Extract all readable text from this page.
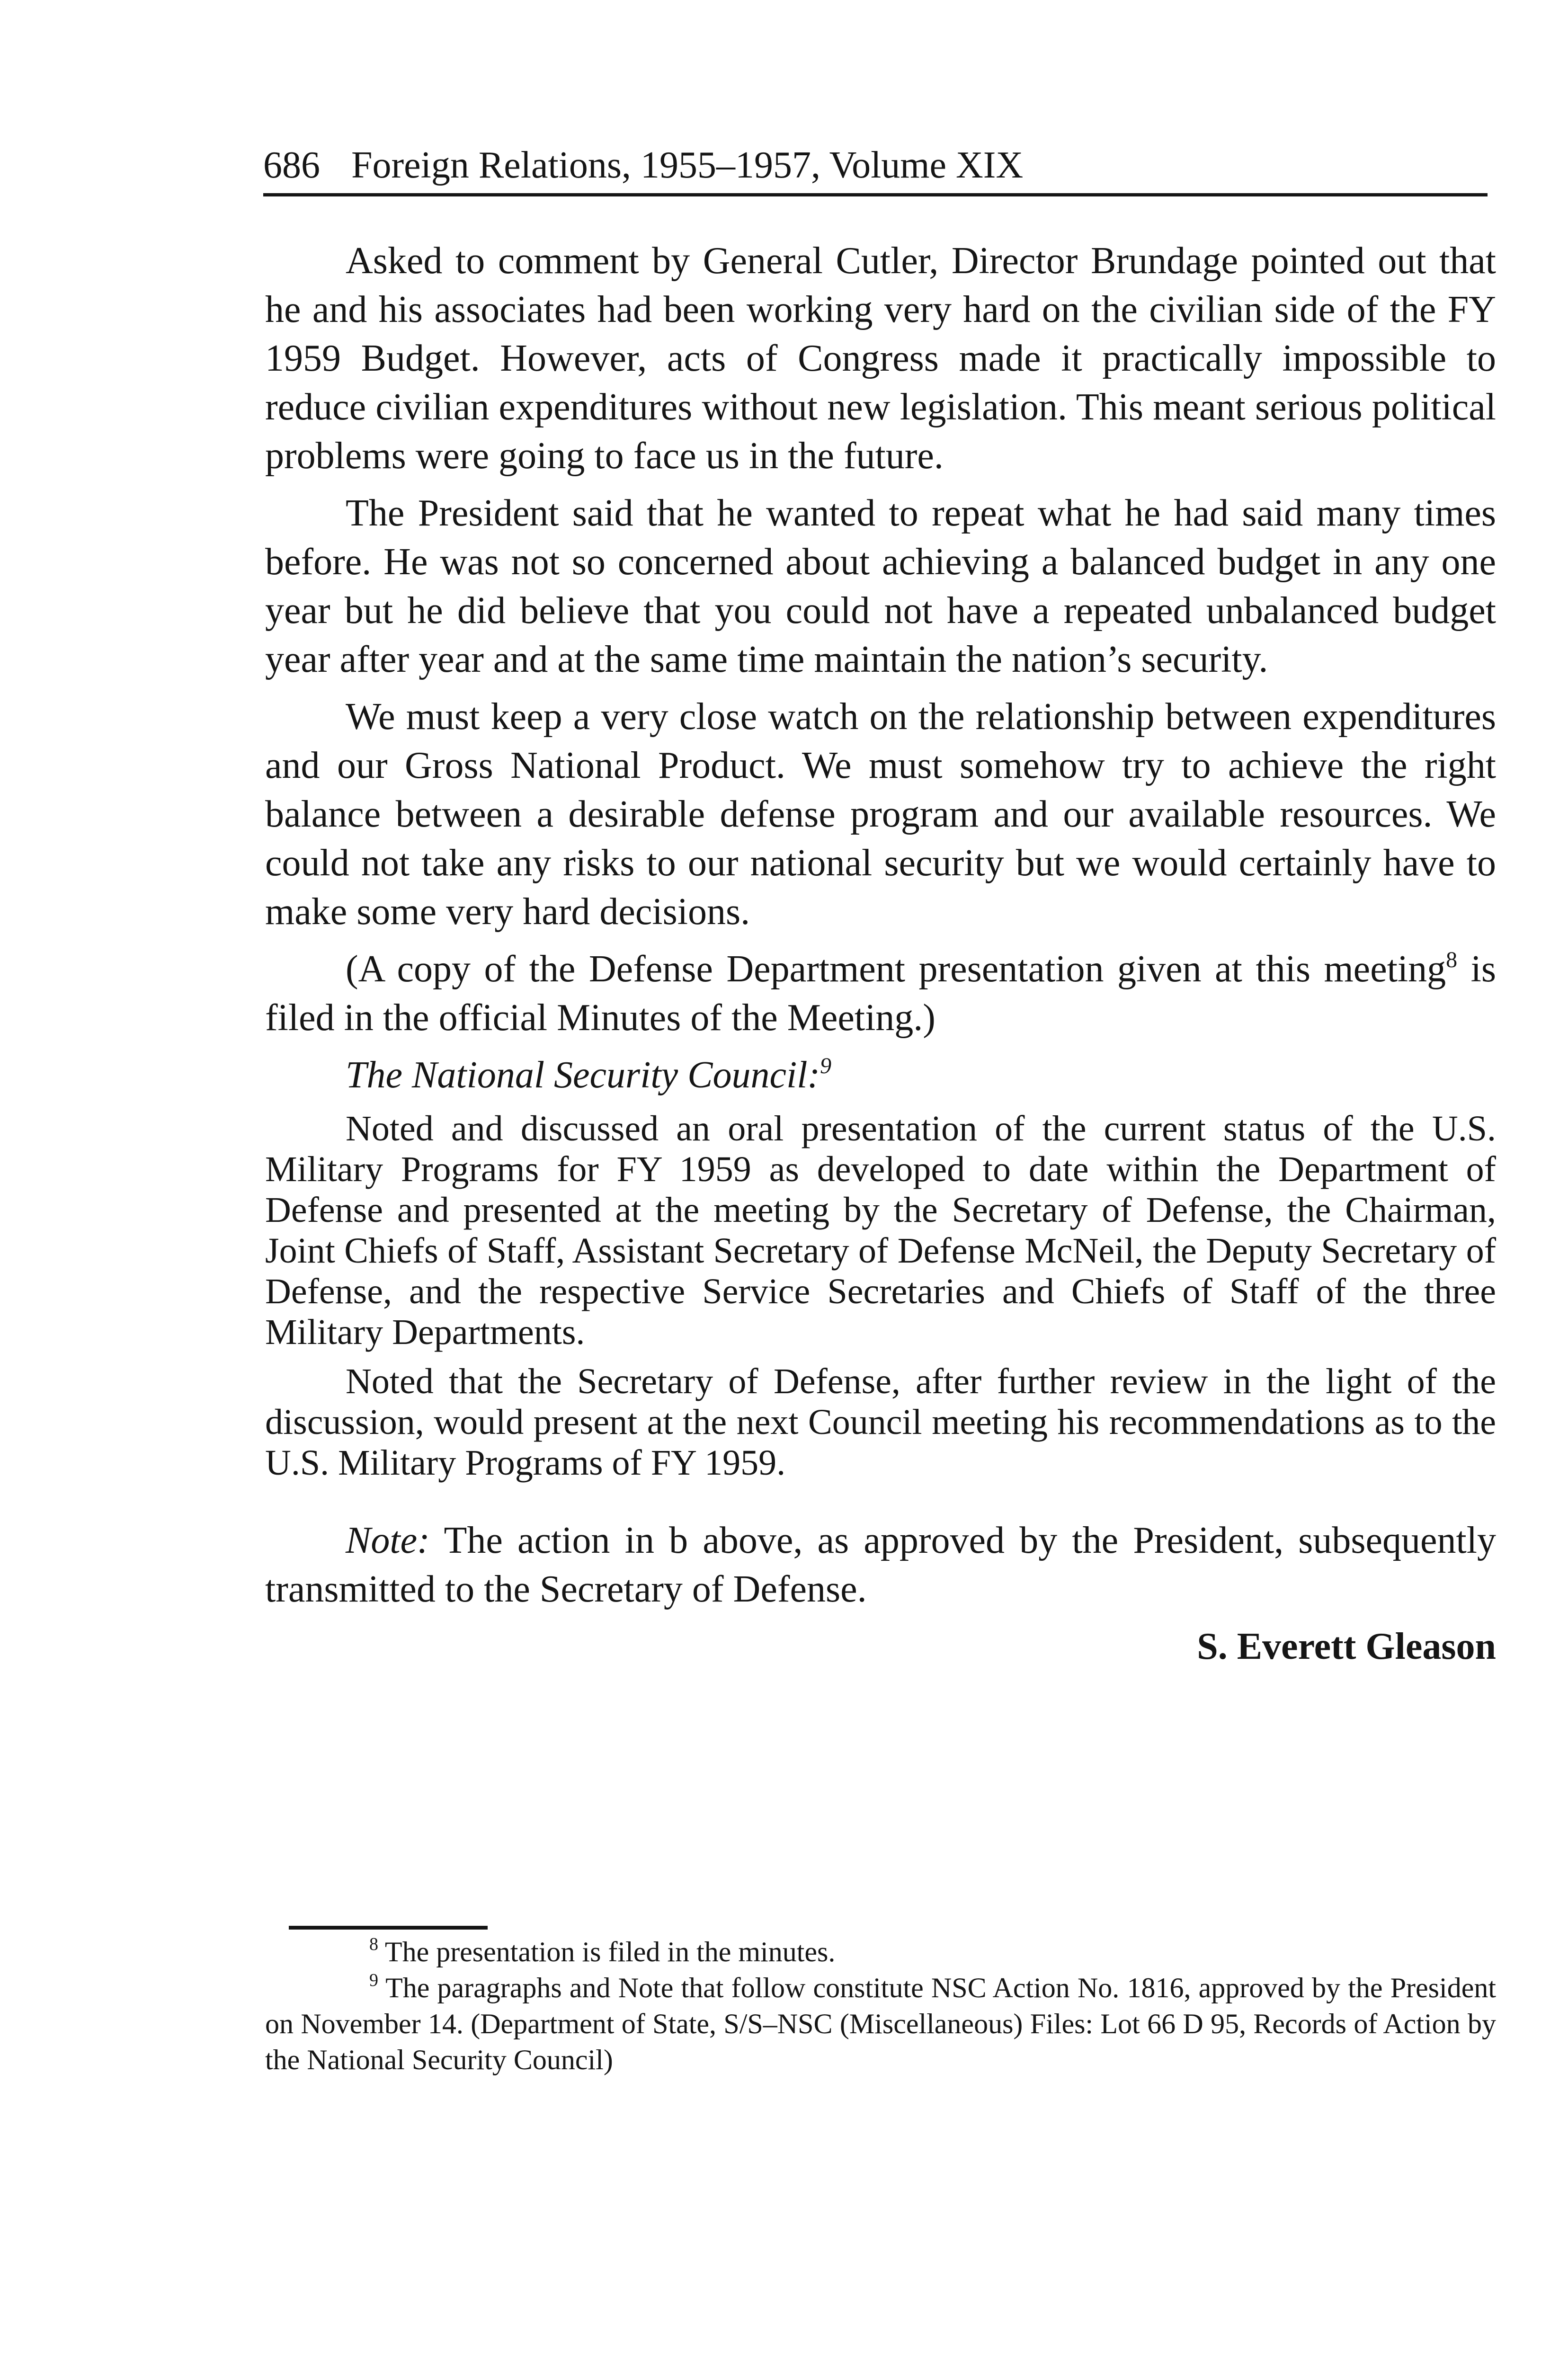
686 Foreign Relations, 1955–1957, Volume XIX

Asked to comment by General Cutler, Director Brundage pointed out that he and his associates had been working very hard on the civilian side of the FY 1959 Budget. However, acts of Congress made it practically impossible to reduce civilian expenditures without new legislation. This meant serious political problems were going to face us in the future.

The President said that he wanted to repeat what he had said many times before. He was not so concerned about achieving a balanced budget in any one year but he did believe that you could not have a repeated unbalanced budget year after year and at the same time maintain the nation’s security.

We must keep a very close watch on the relationship between expenditures and our Gross National Product. We must somehow try to achieve the right balance between a desirable defense program and our available resources. We could not take any risks to our national security but we would certainly have to make some very hard decisions.

(A copy of the Defense Department presentation given at this meeting$^8$ is filed in the official Minutes of the Meeting.)

The National Security Council:$^9$

Noted and discussed an oral presentation of the current status of the U.S. Military Programs for FY 1959 as developed to date within the Department of Defense and presented at the meeting by the Secretary of Defense, the Chairman, Joint Chiefs of Staff, Assistant Secretary of Defense McNeil, the Deputy Secretary of Defense, and the respective Service Secretaries and Chiefs of Staff of the three Military Departments.

Noted that the Secretary of Defense, after further review in the light of the discussion, would present at the next Council meeting his recommendations as to the U.S. Military Programs of FY 1959.

Note: The action in b above, as approved by the President, subsequently transmitted to the Secretary of Defense.

S. Everett Gleason

$^8$ The presentation is filed in the minutes.

$^9$ The paragraphs and Note that follow constitute NSC Action No. 1816, approved by the President on November 14. (Department of State, S/S–NSC (Miscellaneous) Files: Lot 66 D 95, Records of Action by the National Security Council)
